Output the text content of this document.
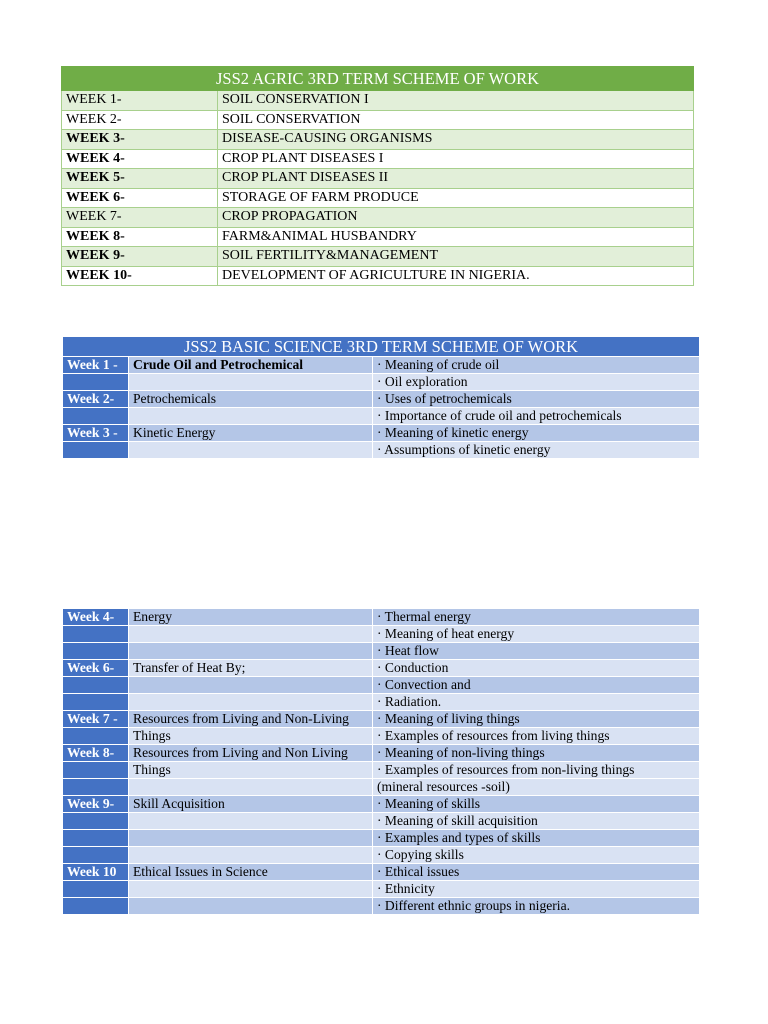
JSS2 AGRIC 3RD TERM SCHEME OF WORK	
WEEK 1-	SOIL CONSERVATION I
WEEK 2-	SOIL CONSERVATION
WEEK 3-	DISEASE-CAUSING ORGANISMS
WEEK 4-	CROP PLANT DISEASES I
WEEK 5-	CROP PLANT DISEASES II
WEEK 6-	STORAGE OF FARM PRODUCE
WEEK 7-	CROP PROPAGATION
WEEK 8-	FARM&ANIMAL HUSBANDRY
WEEK 9-	SOIL FERTILITY&MANAGEMENT
WEEK 10-	DEVELOPMENT OF AGRICULTURE IN NIGERIA.
JSS2 BASIC SCIENCE 3RD TERM SCHEME OF WORK		
Week 1 -	Crude Oil and Petrochemical	· Meaning of crude oil
		· Oil exploration
Week 2-	Petrochemicals	· Uses of petrochemicals
		· Importance of crude oil and petrochemicals
Week 3 -	Kinetic Energy	· Meaning of kinetic energy
		· Assumptions of kinetic energy
Week 4-	Energy	· Thermal energy
		· Meaning of heat energy
		· Heat flow
Week 6-	Transfer of Heat By;	· Conduction
		· Convection and
		· Radiation.
Week 7 -	Resources from Living and Non-Living	· Meaning of living things
	Things	· Examples of resources from living things
Week 8-	Resources from Living and Non Living	· Meaning of non-living things
	Things	· Examples of resources from non-living things
		(mineral resources -soil)
Week 9-	Skill Acquisition	· Meaning of skills
		· Meaning of skill acquisition
		· Examples and types of skills
		· Copying skills
Week 10	Ethical Issues in Science	· Ethical issues
		· Ethnicity
		· Different ethnic groups in nigeria.
